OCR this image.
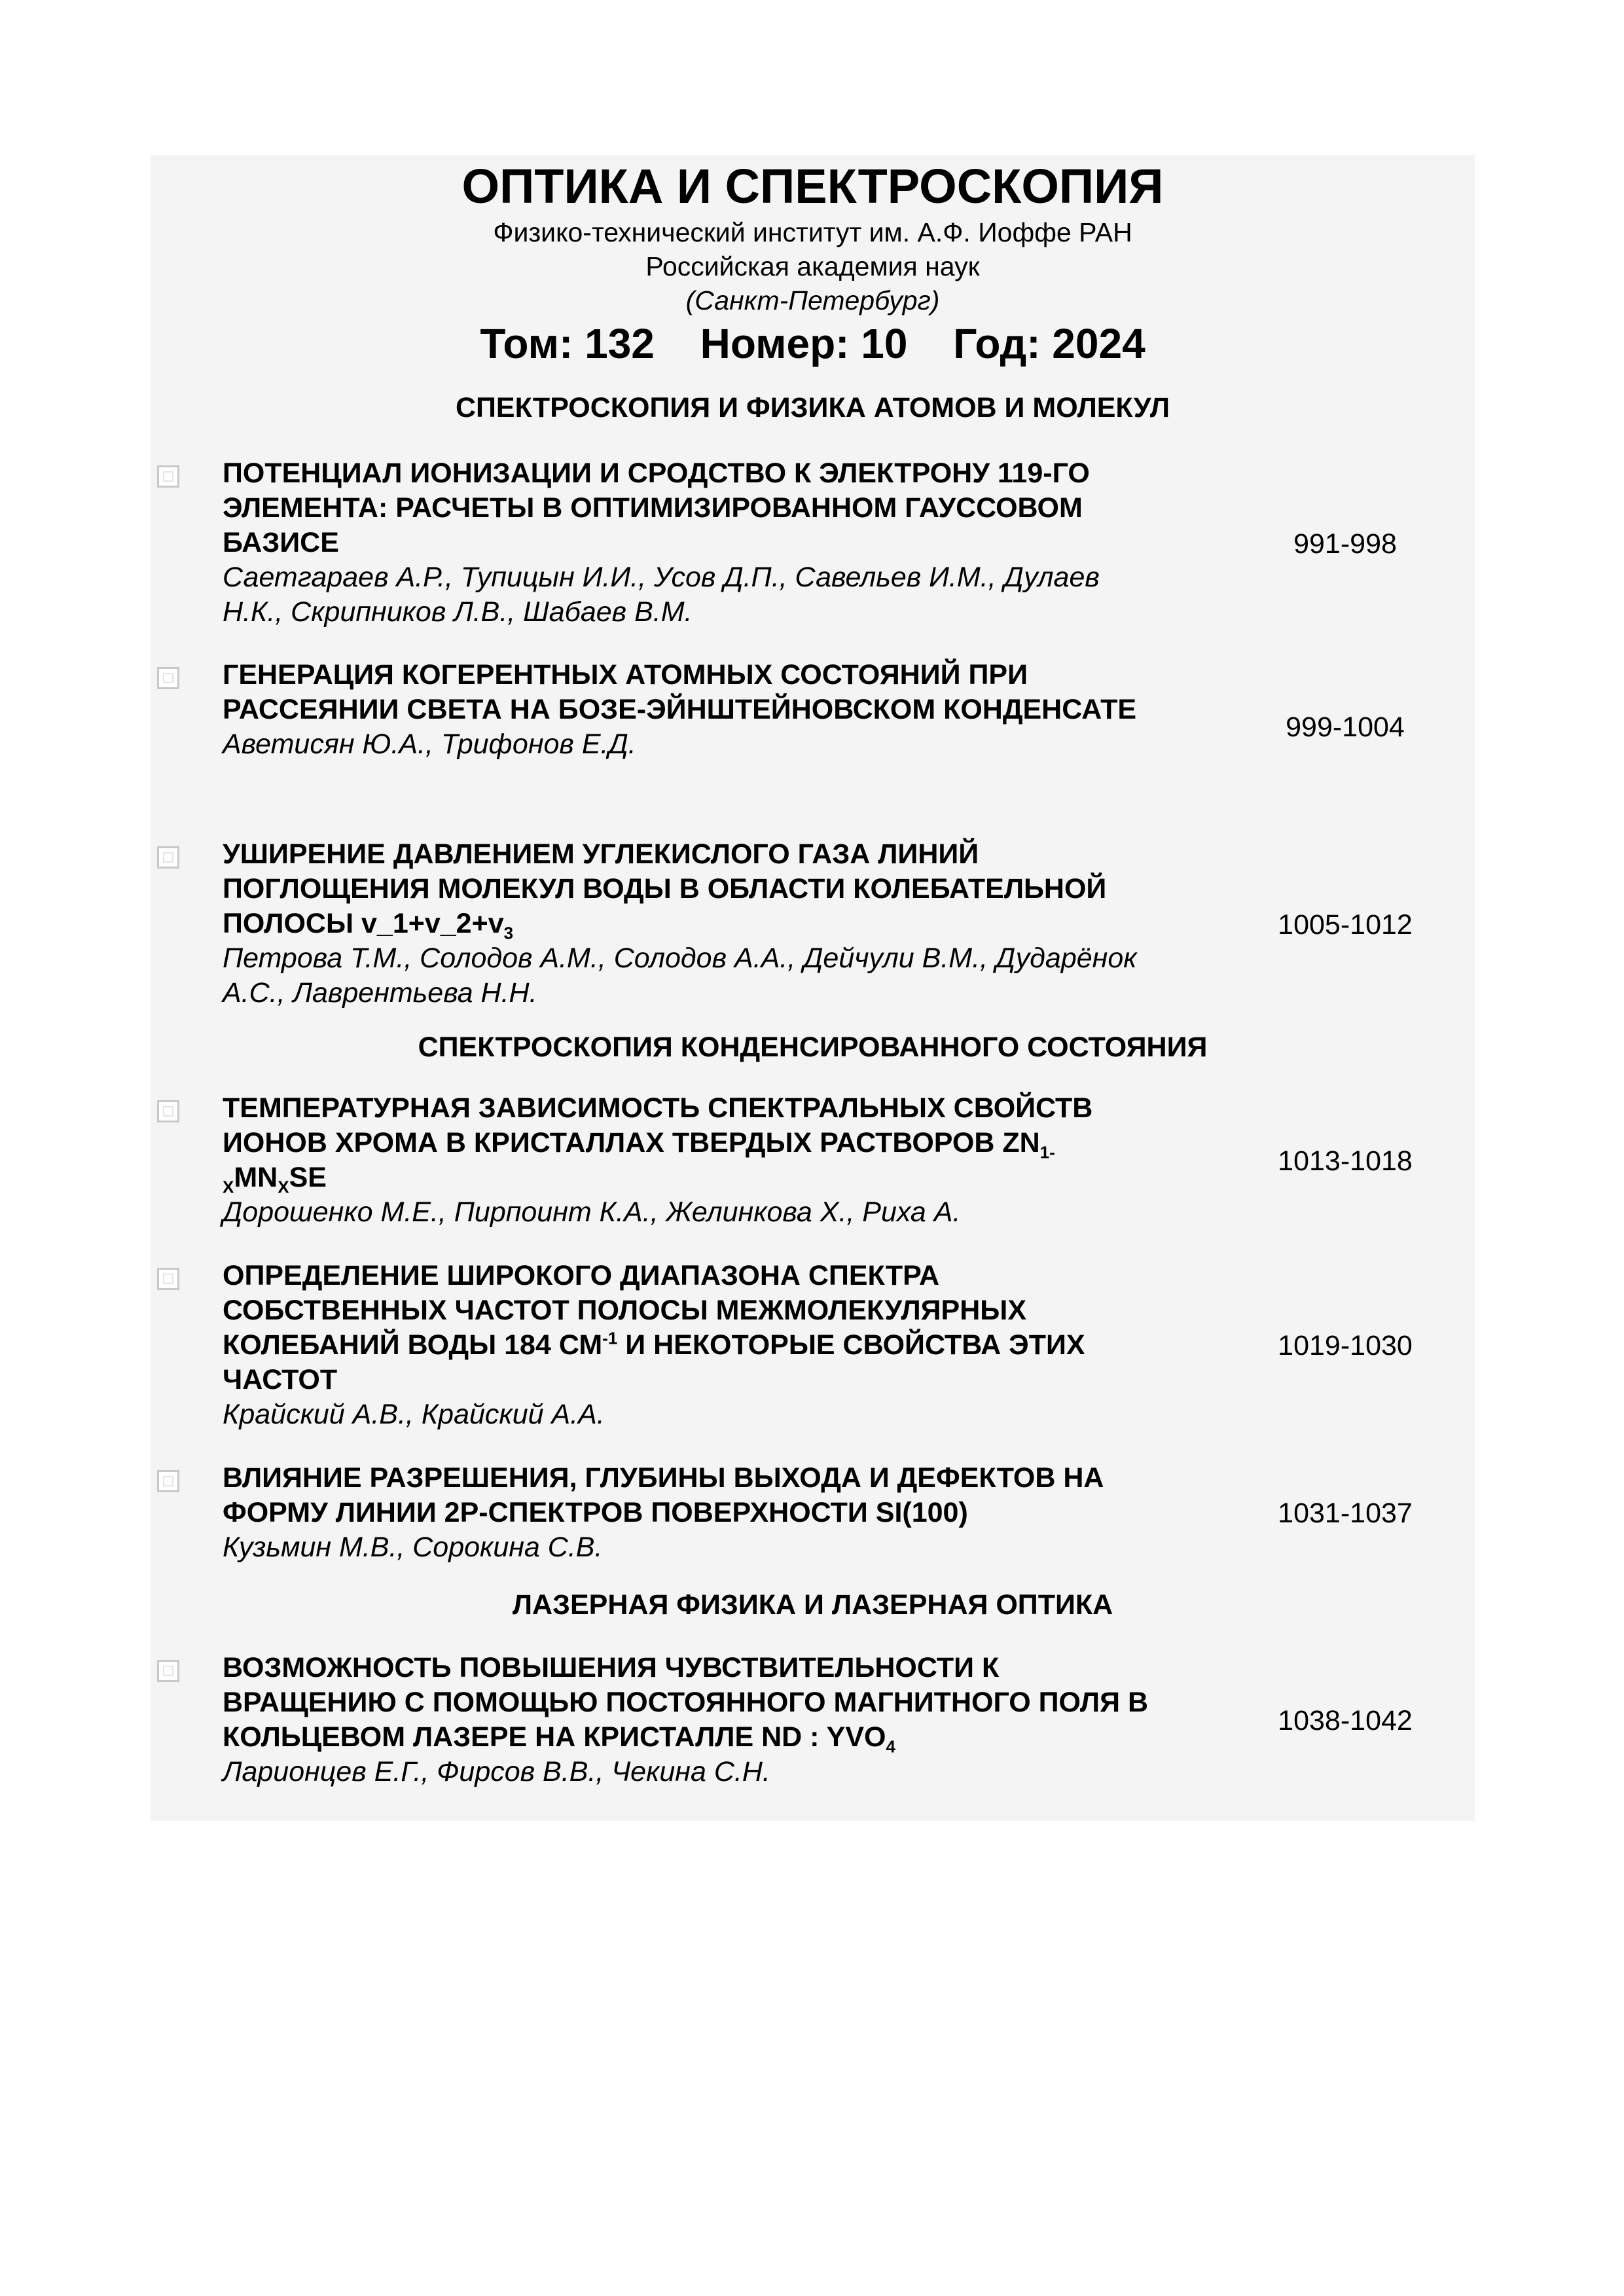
ОПТИКА И СПЕКТРОСКОПИЯ
Физико-технический институт им. А.Ф. Иоффе РАН
Российская академия наук
(Санкт-Петербург)
Том: 132 Номер: 10 Год: 2024
СПЕКТРОСКОПИЯ И ФИЗИКА АТОМОВ И МОЛЕКУЛ
ПОТЕНЦИАЛ ИОНИЗАЦИИ И СРОДСТВО К ЭЛЕКТРОНУ 119-ГО ЭЛЕМЕНТА: РАСЧЕТЫ В ОПТИМИЗИРОВАННОМ ГАУССОВОМ БАЗИСЕ
Саетгараев А.Р., Тупицын И.И., Усов Д.П., Савельев И.М., Дулаев Н.К., Скрипников Л.В., Шабаев В.М.
991-998
ГЕНЕРАЦИЯ КОГЕРЕНТНЫХ АТОМНЫХ СОСТОЯНИЙ ПРИ РАССЕЯНИИ СВЕТА НА БОЗЕ-ЭЙНШТЕЙНОВСКОМ КОНДЕНСАТЕ
Аветисян Ю.А., Трифонов Е.Д.
999-1004
УШИРЕНИЕ ДАВЛЕНИЕМ УГЛЕКИСЛОГО ГАЗА ЛИНИЙ ПОГЛОЩЕНИЯ МОЛЕКУЛ ВОДЫ В ОБЛАСТИ КОЛЕБАТЕЛЬНОЙ ПОЛОСЫ $v\_1+v\_2+v_3$
Петрова Т.М., Солодов А.М., Солодов А.А., Дейчули В.М., Дударёнок А.С., Лаврентьева Н.Н.
1005-1012
СПЕКТРОСКОПИЯ КОНДЕНСИРОВАННОГО СОСТОЯНИЯ
ТЕМПЕРАТУРНАЯ ЗАВИСИМОСТЬ СПЕКТРАЛЬНЫХ СВОЙСТВ ИОНОВ ХРОМА В КРИСТАЛЛАХ ТВЕРДЫХ РАСТВОРОВ $ZN_{1-}$ $_XMN_XSE$
Дорошенко М.Е., Пирпоинт К.А., Желинкова Х., Риха А.
1013-1018
ОПРЕДЕЛЕНИЕ ШИРОКОГО ДИАПАЗОНА СПЕКТРА СОБСТВЕННЫХ ЧАСТОТ ПОЛОСЫ МЕЖМОЛЕКУЛЯРНЫХ КОЛЕБАНИЙ ВОДЫ 184 $СМ^{-1}$ И НЕКОТОРЫЕ СВОЙСТВА ЭТИХ ЧАСТОТ
Крайский А.В., Крайский А.А.
1019-1030
ВЛИЯНИЕ РАЗРЕШЕНИЯ, ГЛУБИНЫ ВЫХОДА И ДЕФЕКТОВ НА ФОРМУ ЛИНИИ 2P-СПЕКТРОВ ПОВЕРХНОСТИ SI(100)
Кузьмин М.В., Сорокина С.В.
1031-1037
ЛАЗЕРНАЯ ФИЗИКА И ЛАЗЕРНАЯ ОПТИКА
ВОЗМОЖНОСТЬ ПОВЫШЕНИЯ ЧУВСТВИТЕЛЬНОСТИ К ВРАЩЕНИЮ С ПОМОЩЬЮ ПОСТОЯННОГО МАГНИТНОГО ПОЛЯ В КОЛЬЦЕВОМ ЛАЗЕРЕ НА КРИСТАЛЛЕ ND : $YVO_4$
Ларионцев Е.Г., Фирсов В.В., Чекина С.Н.
1038-1042
